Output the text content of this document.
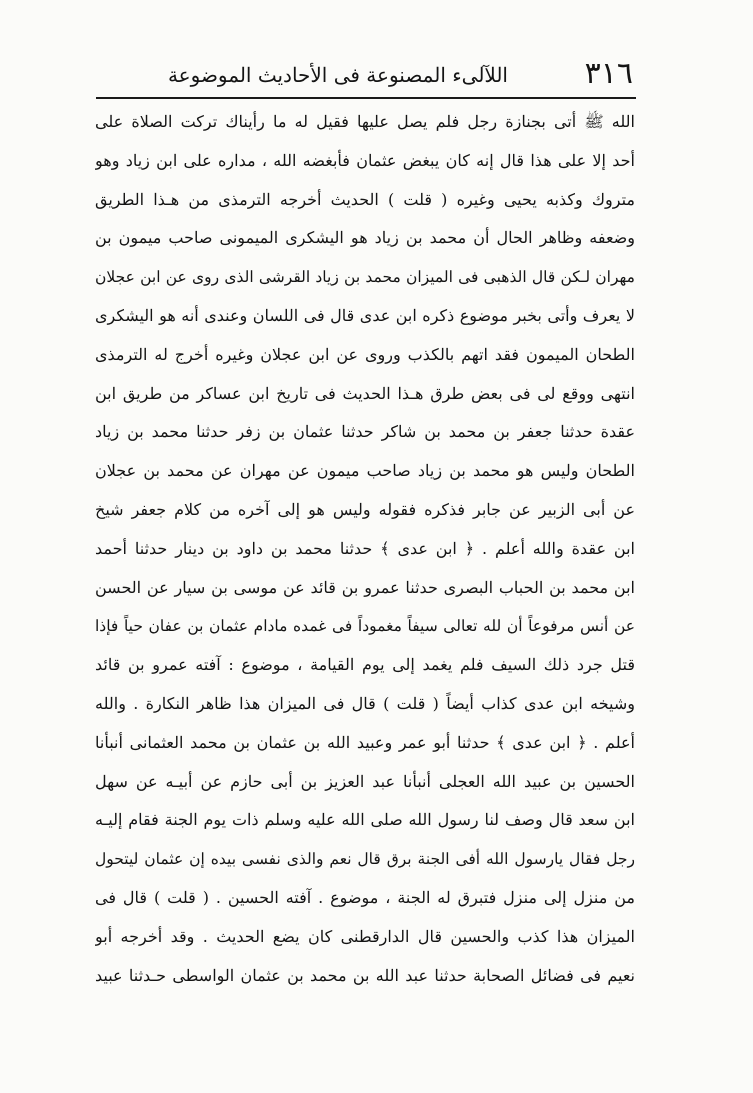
٣١٦
اللآلىء المصنوعة فى الأحاديث الموضوعة
الله ﷺ أتى بجنازة رجل فلم يصل عليها فقيل له ما رأيناك تركت الصلاة على
أحد إلا على هذا قال إنه كان يبغض عثمان فأبغضه الله ، مداره على ابن زياد وهو
متروك وكذبه يحيى وغيره ( قلت ) الحديث أخرجه الترمذى من هـذا الطريق
وضعفه وظاهر الحال أن محمد بن زياد هو اليشكرى الميمونى صاحب ميمون بن
مهران لـكن قال الذهبى فى الميزان محمد بن زياد القرشى الذى روى عن ابن عجلان
لا يعرف وأتى بخبر موضوع ذكره ابن عدى قال فى اللسان وعندى أنه هو اليشكرى
الطحان الميمون فقد اتهم بالكذب وروى عن ابن عجلان وغيره أخرج له الترمذى
انتهى ووقع لى فى بعض طرق هـذا الحديث فى تاريخ ابن عساكر من طريق ابن
عقدة حدثنا جعفر بن محمد بن شاكر حدثنا عثمان بن زفر حدثنا محمد بن زياد
الطحان وليس هو محمد بن زياد صاحب ميمون عن مهران عن محمد بن عجلان
عن أبى الزبير عن جابر فذكره فقوله وليس هو إلى آخره من كلام جعفر شيخ
ابن عقدة والله أعلم . ﴿ ابن عدى ﴾ حدثنا محمد بن داود بن دينار حدثنا أحمد
ابن محمد بن الحباب البصرى حدثنا عمرو بن قائد عن موسى بن سيار عن الحسن
عن أنس مرفوعاً أن لله تعالى سيفاً مغموداً فى غمده مادام عثمان بن عفان حياً فإذا
قتل جرد ذلك السيف فلم يغمد إلى يوم القيامة ، موضوع : آفته عمرو بن قائد
وشيخه ابن عدى كذاب أيضاً ( قلت ) قال فى الميزان هذا ظاهر النكارة . والله
أعلم . ﴿ ابن عدى ﴾ حدثنا أبو عمر وعبيد الله بن عثمان بن محمد العثمانى أنبأنا
الحسين بن عبيد الله العجلى أنبأنا عبد العزيز بن أبى حازم عن أبيـه عن سهل
ابن سعد قال وصف لنا رسول الله صلى الله عليه وسلم ذات يوم الجنة فقام إليـه
رجل فقال يارسول الله أفى الجنة برق قال نعم والذى نفسى بيده إن عثمان ليتحول
من منزل إلى منزل فتبرق له الجنة ، موضوع . آفته الحسين . ( قلت ) قال فى
الميزان هذا كذب والحسين قال الدارقطنى كان يضع الحديث . وقد أخرجه أبو
نعيم فى فضائل الصحابة حدثنا عبد الله بن محمد بن عثمان الواسطى حـدثنا عبيد
